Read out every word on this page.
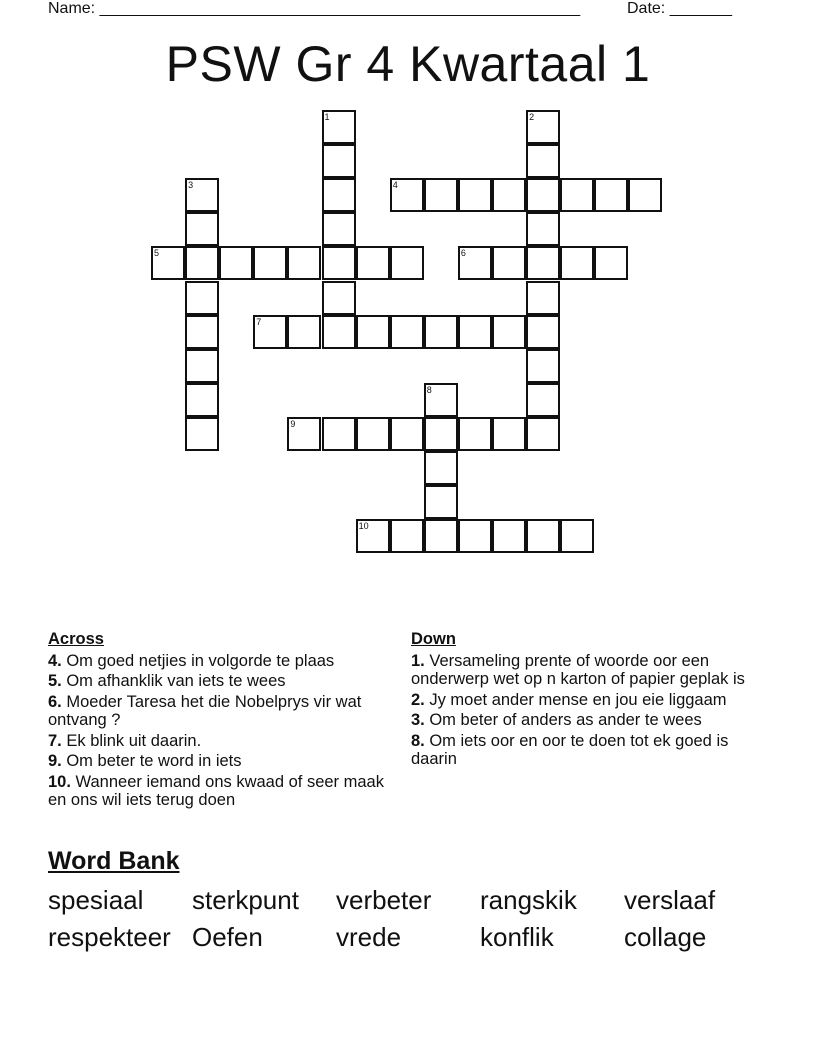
Name: ______________________________________________________	Date: _______
PSW Gr 4 Kwartaal 1
1	2
3
8
4
5	6
7
9
10
Across
4. Om goed netjies in volgorde te plaas
5. Om afhanklik van iets te wees
6. Moeder Taresa het die Nobelprys vir wat ontvang ?
7. Ek blink uit daarin.
9. Om beter te word in iets
10. Wanneer iemand ons kwaad of seer maak en ons wil iets terug doen
Down
1. Versameling prente of woorde oor een onderwerp wet op n karton of papier geplak is
2. Jy moet ander mense en jou eie liggaam
3. Om beter of anders as ander te wees
8. Om iets oor en oor te doen tot ek goed is daarin
Word Bank
spesiaal sterkpunt verbeter rangskik verslaaf
respekteer Oefen	vrede	konflik	collage
